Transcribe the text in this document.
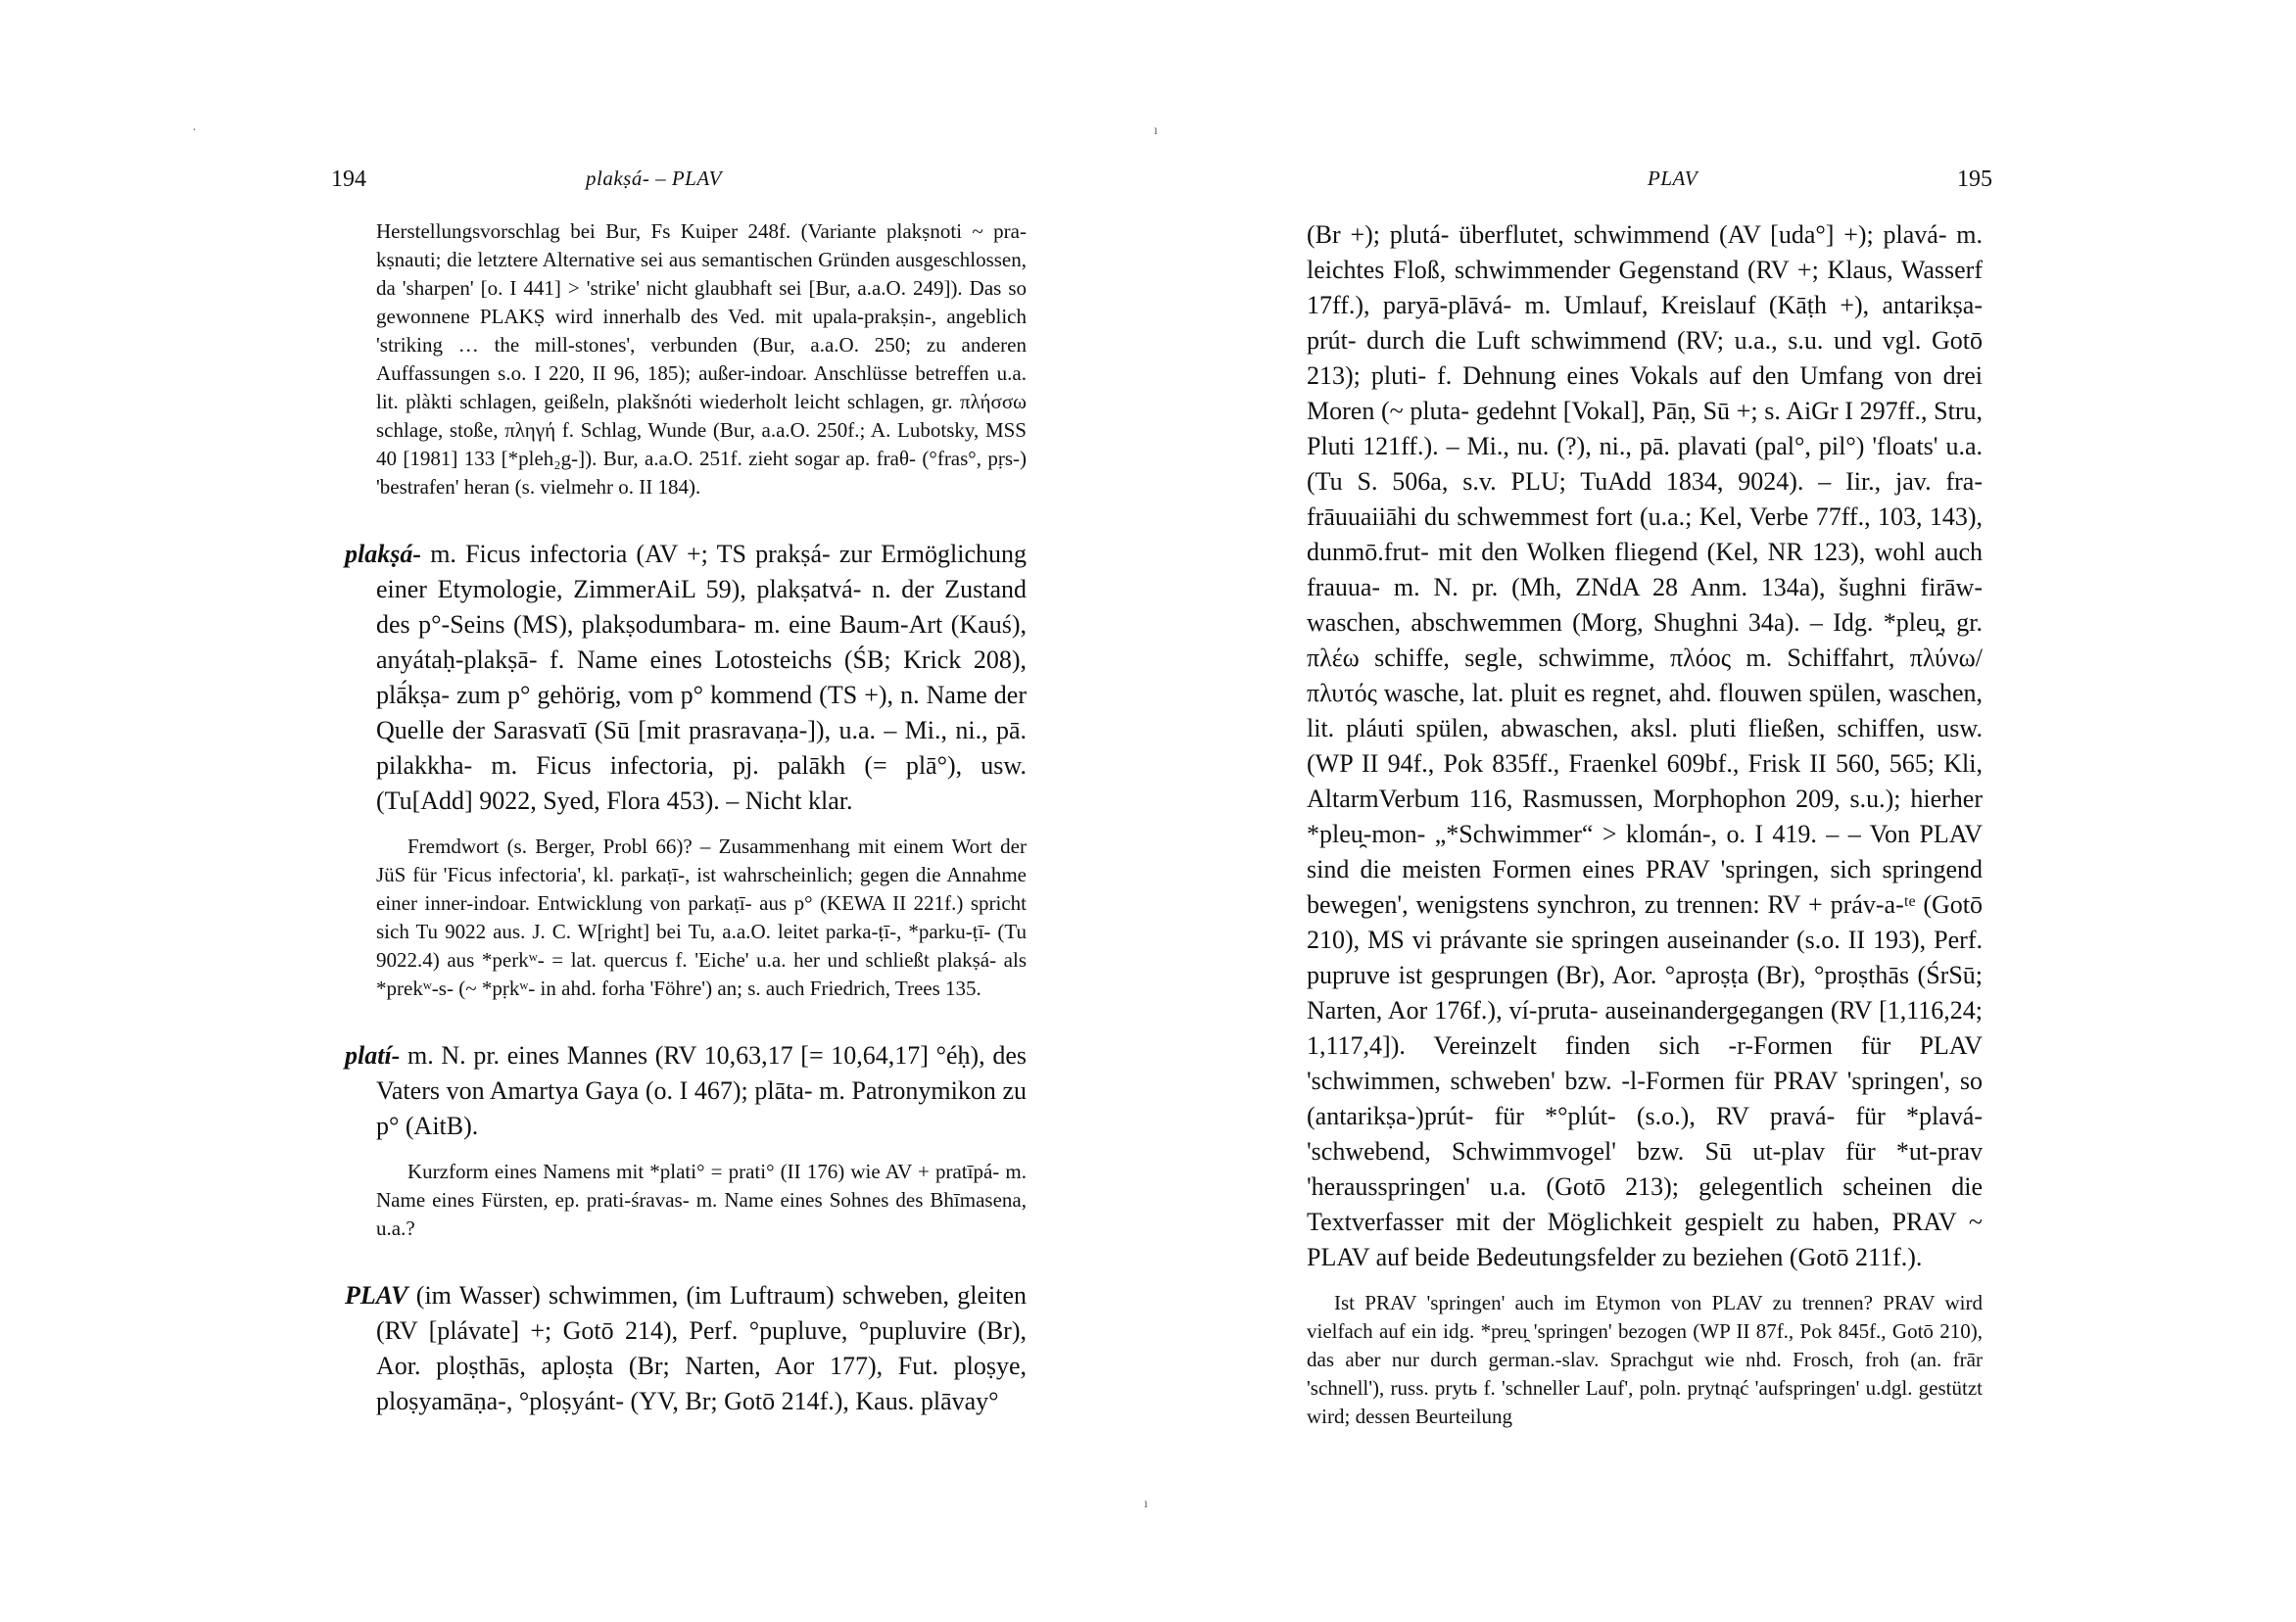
·	ı
ı
194	plakṣá- – PLAV

Herstellungsvorschlag bei Bur, Fs Kuiper 248f. (Variante plakṣnoti ~ pra-kṣnauti; die letztere Alternative sei aus semantischen Gründen ausgeschlossen, da 'sharpen' [o. I 441] > 'strike' nicht glaubhaft sei [Bur, a.a.O. 249]). Das so gewonnene PLAKṢ wird innerhalb des Ved. mit upala-prakṣin-, angeblich 'striking … the mill-stones', verbunden (Bur, a.a.O. 250; zu anderen Auffassungen s.o. I 220, II 96, 185); außer-indoar. Anschlüsse betreffen u.a. lit. plàkti schlagen, geißeln, plakšnóti wiederholt leicht schlagen, gr. πλήσσω schlage, stoße, πληγή f. Schlag, Wunde (Bur, a.a.O. 250f.; A. Lubotsky, MSS 40 [1981] 133 [*pleh₂g-]). Bur, a.a.O. 251f. zieht sogar ap. fraθ- (°fras°, pṛs-) 'bestrafen' heran (s. vielmehr o. II 184).

plakṣá- m. Ficus infectoria (AV +; TS prakṣá- zur Ermöglichung einer Etymologie, ZimmerAiL 59), plakṣatvá- n. der Zustand des p°-Seins (MS), plakṣodumbara- m. eine Baum-Art (Kauś), anyátaḥ-plakṣā- f. Name eines Lotosteichs (ŚB; Krick 208), plā́kṣa- zum p° gehörig, vom p° kommend (TS +), n. Name der Quelle der Sarasvatī (Sū [mit prasravaṇa-]), u.a. – Mi., ni., pā. pilakkha- m. Ficus infectoria, pj. palākh (= plā°), usw. (Tu[Add] 9022, Syed, Flora 453). – Nicht klar.

Fremdwort (s. Berger, Probl 66)? – Zusammenhang mit einem Wort der JüS für 'Ficus infectoria', kl. parkaṭī-, ist wahrscheinlich; gegen die Annahme einer inner-indoar. Entwicklung von parkaṭī- aus p° (KEWA II 221f.) spricht sich Tu 9022 aus. J. C. W[right] bei Tu, a.a.O. leitet parka-ṭī-, *parku-ṭī- (Tu 9022.4) aus *perkʷ- = lat. quercus f. 'Eiche' u.a. her und schließt plakṣá- als *prekʷ-s- (~ *pṛkʷ- in ahd. forha 'Föhre') an; s. auch Friedrich, Trees 135.

platí- m. N. pr. eines Mannes (RV 10,63,17 [= 10,64,17] °éḥ), des Vaters von Amartya Gaya (o. I 467); plāta- m. Patronymikon zu p° (AitB).

Kurzform eines Namens mit *plati° = prati° (II 176) wie AV + pratīpá- m. Name eines Fürsten, ep. prati-śravas- m. Name eines Sohnes des Bhīmasena, u.a.?

PLAV (im Wasser) schwimmen, (im Luftraum) schweben, gleiten (RV [plávate] +; Gotō 214), Perf. °pupluve, °pupluvire (Br), Aor. ploṣthās, aploṣta (Br; Narten, Aor 177), Fut. ploṣye, ploṣyamāṇa-, °ploṣyánt- (YV, Br; Gotō 214f.), Kaus. plāvay°

PLAV	195

(Br +); plutá- überflutet, schwimmend (AV [uda°] +); plavá- m. leichtes Floß, schwimmender Gegenstand (RV +; Klaus, Wasserf 17ff.), paryā-plāvá- m. Umlauf, Kreislauf (Kāṭh +), antarikṣa-prút- durch die Luft schwimmend (RV; u.a., s.u. und vgl. Gotō 213); pluti- f. Dehnung eines Vokals auf den Umfang von drei Moren (~ pluta- gedehnt [Vokal], Pāṇ, Sū +; s. AiGr I 297ff., Stru, Pluti 121ff.). – Mi., nu. (?), ni., pā. plavati (pal°, pil°) 'floats' u.a. (Tu S. 506a, s.v. PLU; TuAdd 1834, 9024). – Iir., jav. fra-frāuuaiiāhi du schwemmest fort (u.a.; Kel, Verbe 77ff., 103, 143), dunmō.frut- mit den Wolken fliegend (Kel, NR 123), wohl auch frauua- m. N. pr. (Mh, ZNdA 28 Anm. 134a), šughni firāw- waschen, abschwemmen (Morg, Shughni 34a). – Idg. *pleu̯, gr. πλέω schiffe, segle, schwimme, πλόος m. Schiffahrt, πλύνω/πλυτός wasche, lat. pluit es regnet, ahd. flouwen spülen, waschen, lit. pláuti spülen, abwaschen, aksl. pluti fließen, schiffen, usw. (WP II 94f., Pok 835ff., Fraenkel 609bf., Frisk II 560, 565; Kli, AltarmVerbum 116, Rasmussen, Morphophon 209, s.u.); hierher *pleu̯-mon- „*Schwimmer“ > klomán-, o. I 419. – – Von PLAV sind die meisten Formen eines PRAV 'springen, sich springend bewegen', wenigstens synchron, zu trennen: RV + práv-a-ᵗᵉ (Gotō 210), MS vi právante sie springen auseinander (s.o. II 193), Perf. pupruve ist gesprungen (Br), Aor. °aproṣṭa (Br), °proṣthās (ŚrSū; Narten, Aor 176f.), ví-pruta- auseinandergegangen (RV [1,116,24; 1,117,4]). Vereinzelt finden sich -r-Formen für PLAV 'schwimmen, schweben' bzw. -l-Formen für PRAV 'springen', so (antarikṣa-)prút- für *°plút- (s.o.), RV pravá- für *plavá- 'schwebend, Schwimmvogel' bzw. Sū ut-plav für *ut-prav 'herausspringen' u.a. (Gotō 213); gelegentlich scheinen die Textverfasser mit der Möglichkeit gespielt zu haben, PRAV ~ PLAV auf beide Bedeutungsfelder zu beziehen (Gotō 211f.).

Ist PRAV 'springen' auch im Etymon von PLAV zu trennen? PRAV wird vielfach auf ein idg. *preu̯ 'springen' bezogen (WP II 87f., Pok 845f., Gotō 210), das aber nur durch german.-slav. Sprachgut wie nhd. Frosch, froh (an. frār 'schnell'), russ. prytь f. 'schneller Lauf', poln. prytnąć 'aufspringen' u.dgl. gestützt wird; dessen Beurteilung
